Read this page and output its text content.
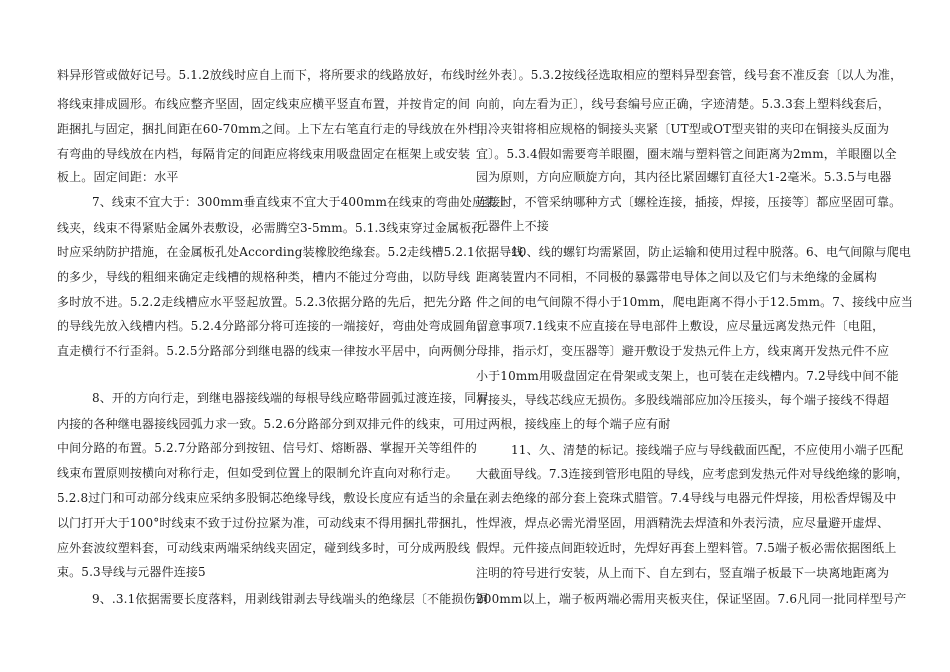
料异形管或做好记号。5.1.2放线时应自上而下，将所要求的线路放好，布线时
将线束排成圆形。布线应整齐坚固，固定线束应横平竖直布置，并按肯定的间
距捆扎与固定，捆扎间距在60-70mm之间。上下左右笔直行走的导线放在外档，
有弯曲的导线放在内档，每隔肯定的间距应将线束用吸盘固定在框架上或安装
板上。固定间距：水平
7、线束不宜大于：300mm垂直线束不宜大于400mm在线束的弯曲处应装上
线夹，线束不得紧贴金属外表敷设，必需腾空3-5mm。5.1.3线束穿过金属板孔
时应采纳防护措施，在金属板孔处According装橡胶绝缘套。5.2走线槽5.2.1依据导线
的多少，导线的粗细来确定走线槽的规格种类，槽内不能过分弯曲，以防导线
多时放不进。5.2.2走线槽应水平竖起放置。5.2.3依据分路的先后，把先分路
的导线先放入线槽内档。5.2.4分路部分将可连接的一端接好，弯曲处弯成圆角，
直走横行不行歪斜。5.2.5分路部分到继电器的线束一律按水平居中，向两侧分
8、开的方向行走，到继电器接线端的每根导线应略带圆弧过渡连接，同屏
内接的各种继电器接线园弧力求一致。5.2.6分路部分到双排元件的线束，可用
中间分路的布置。5.2.7分路部分到按钮、信号灯、熔断器、掌握开关等组件的
线束布置原则按横向对称行走，但如受到位置上的限制允许直向对称行走。
5.2.8过门和可动部分线束应采纳多股铜芯绝缘导线，敷设长度应有适当的余量，
以门打开大于100°时线束不致于过份拉紧为准，可动线束不得用捆扎带捆扎，
应外套波纹塑料套，可动线束两端采纳线夹固定，碰到线多时，可分成两股线
束。5.3导线与元器件连接5
9、.3.1依据需要长度落料，用剥线钳剥去导线端头的绝缘层〔不能损伤铜
丝外表〕。5.3.2按线径选取相应的塑料异型套管，线号套不准反套〔以人为准，
向前，向左看为正〕，线号套编号应正确，字迹清楚。5.3.3套上塑料线套后，
用冷夹钳将相应规格的铜接头夹紧〔UT型或OT型夹钳的夹印在铜接头反面为
宜〕。5.3.4假如需要弯羊眼圈，圈末端与塑料管之间距离为2mm，羊眼圈以全
园为原则，方向应顺旋方向，其内径比紧固螺钉直径大1-2毫米。5.3.5与电器
连接时，不管采纳哪种方式〔螺栓连接，插接，焊接，压接等〕都应坚固可靠。
元器件上不接
10、线的螺钉均需紧固，防止运输和使用过程中脱落。6、电气间隙与爬电
距离装置内不同相，不同极的暴露带电导体之间以及它们与未绝缘的金属构
件之间的电气间隙不得小于10mm，爬电距离不得小于12.5mm。7、接线中应当
留意事项7.1线束不应直接在导电部件上敷设，应尽量远离发热元件〔电阻，
母排，指示灯，变压器等〕避开敷设于发热元件上方，线束离开发热元件不应
小于10mm用吸盘固定在骨架或支架上，也可装在走线槽内。7.2导线中间不能
有接头，导线芯线应无损伤。多股线端部应加冷压接头，每个端子接线不得超
过两根，接线座上的每个端子应有耐
11、久、清楚的标记。接线端子应与导线截面匹配，不应使用小端子匹配
大截面导线。7.3连接到管形电阻的导线，应考虑到发热元件对导线绝缘的影响，
在剥去绝缘的部分套上瓷珠式腊管。7.4导线与电器元件焊接，用松香焊锡及中
性焊液，焊点必需光滑坚固，用酒精洗去焊渣和外表污渍，应尽量避开虚焊、
假焊。元件接点间距较近时，先焊好再套上塑料管。7.5端子板必需依据图纸上
注明的符号进行安装，从上而下、自左到右，竖直端子板最下一块离地距离为
200mm以上，端子板两端必需用夹板夹住，保证坚固。7.6凡同一批同样型号产
